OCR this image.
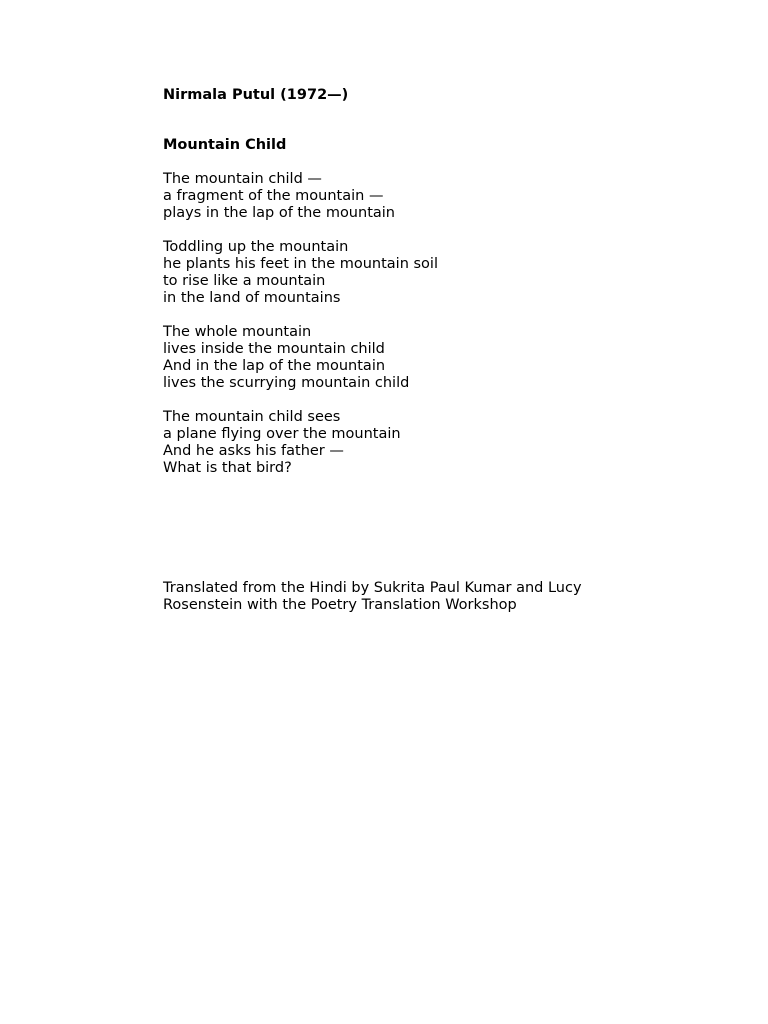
Nirmala Putul (1972—)

Mountain Child

The mountain child —
a fragment of the mountain —
plays in the lap of the mountain
Toddling up the mountain
he plants his feet in the mountain soil
to rise like a mountain
in the land of mountains
The whole mountain
lives inside the mountain child
And in the lap of the mountain
lives the scurrying mountain child
The mountain child sees
a plane flying over the mountain
And he asks his father —
What is that bird?
Translated from the Hindi by Sukrita Paul Kumar and Lucy
Rosenstein with the Poetry Translation Workshop
